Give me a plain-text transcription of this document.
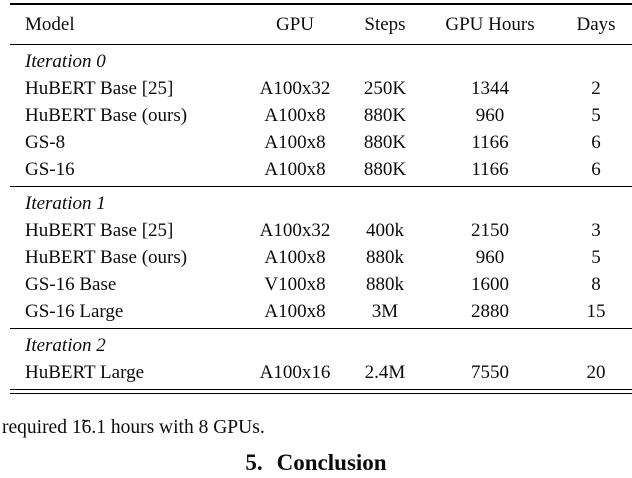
Model	GPU	Steps	GPU Hours	Days
Iteration 0
HuBERT Base [25]	A100x32	250K	1344	2
HuBERT Base (ours)	A100x8	880K	960	5
GS-8	A100x8	880K	1166	6
GS-16	A100x8	880K	1166	6
Iteration 1
HuBERT Base [25]	A100x32	400k	2150	3
HuBERT Base (ours)	A100x8	880k	960	5
GS-16 Base	V100x8	880k	1600	8
GS-16 Large	A100x8	3M	2880	15
Iteration 2
HuBERT Large	A100x16	2.4M	7550	20
required 1̃6.1 hours with 8 GPUs.
5. Conclusion
